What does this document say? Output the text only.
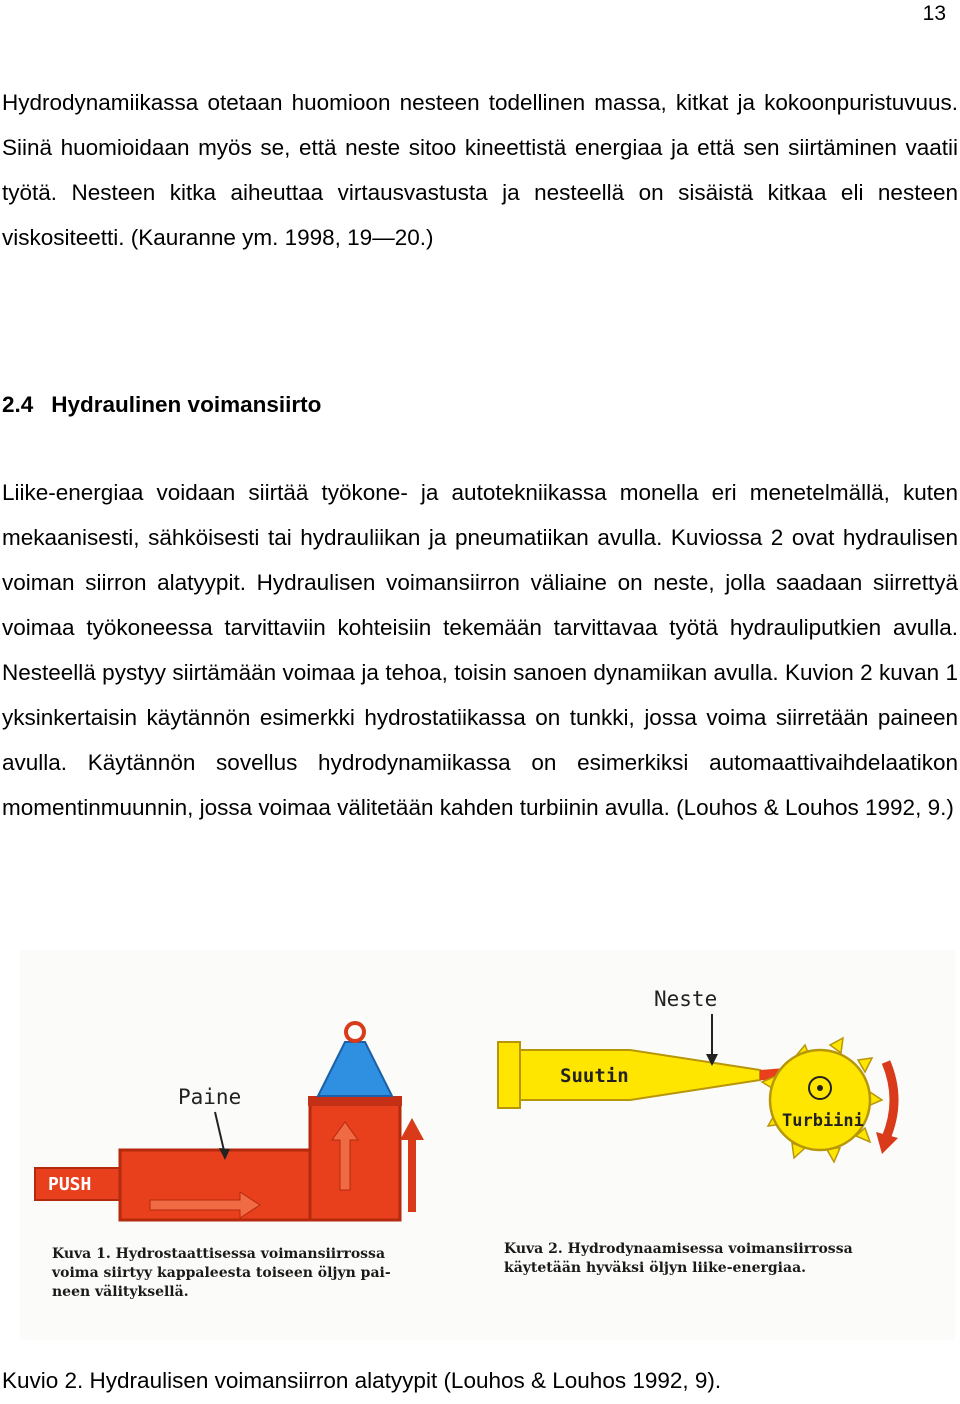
13

Hydrodynamiikassa otetaan huomioon nesteen todellinen massa, kitkat ja kokoonpuristuvuus. Siinä huomioidaan myös se, että neste sitoo kineettistä energiaa ja että sen siirtäminen vaatii työtä. Nesteen kitka aiheuttaa virtausvastusta ja nesteellä on sisäistä kitkaa eli nesteen viskositeetti. (Kauranne ym. 1998, 19—20.)

2.4 Hydraulinen voimansiirto

Liike-energiaa voidaan siirtää työkone- ja autotekniikassa monella eri menetelmällä, kuten mekaanisesti, sähköisesti tai hydrauliikan ja pneumatiikan avulla. Kuviossa 2 ovat hydraulisen voiman siirron alatyypit. Hydraulisen voimansiirron väliaine on neste, jolla saadaan siirrettyä voimaa työkoneessa tarvittaviin kohteisiin tekemään tarvittavaa työtä hydrauliputkien avulla. Nesteellä pystyy siirtämään voimaa ja tehoa, toisin sanoen dynamiikan avulla. Kuvion 2 kuvan 1 yksinkertaisin käytännön esimerkki hydrostatiikassa on tunkki, jossa voima siirretään paineen avulla. Käytännön sovellus hydrodynamiikassa on esimerkiksi automaattivaihdelaatikon momentinmuunnin, jossa voimaa välitetään kahden turbiinin avulla. (Louhos & Louhos 1992, 9.)

PUSH
Paine
Suutin
Neste
Turbiini
Kuva 1. Hydrostaattisessa voimansiirrossa
voima siirtyy kappaleesta toiseen öljyn pai-
neen välityksellä.
Kuva 2. Hydrodynaamisessa voimansiirrossa
käytetään hyväksi öljyn liike-energiaa.

Kuvio 2. Hydraulisen voimansiirron alatyypit (Louhos & Louhos 1992, 9).
